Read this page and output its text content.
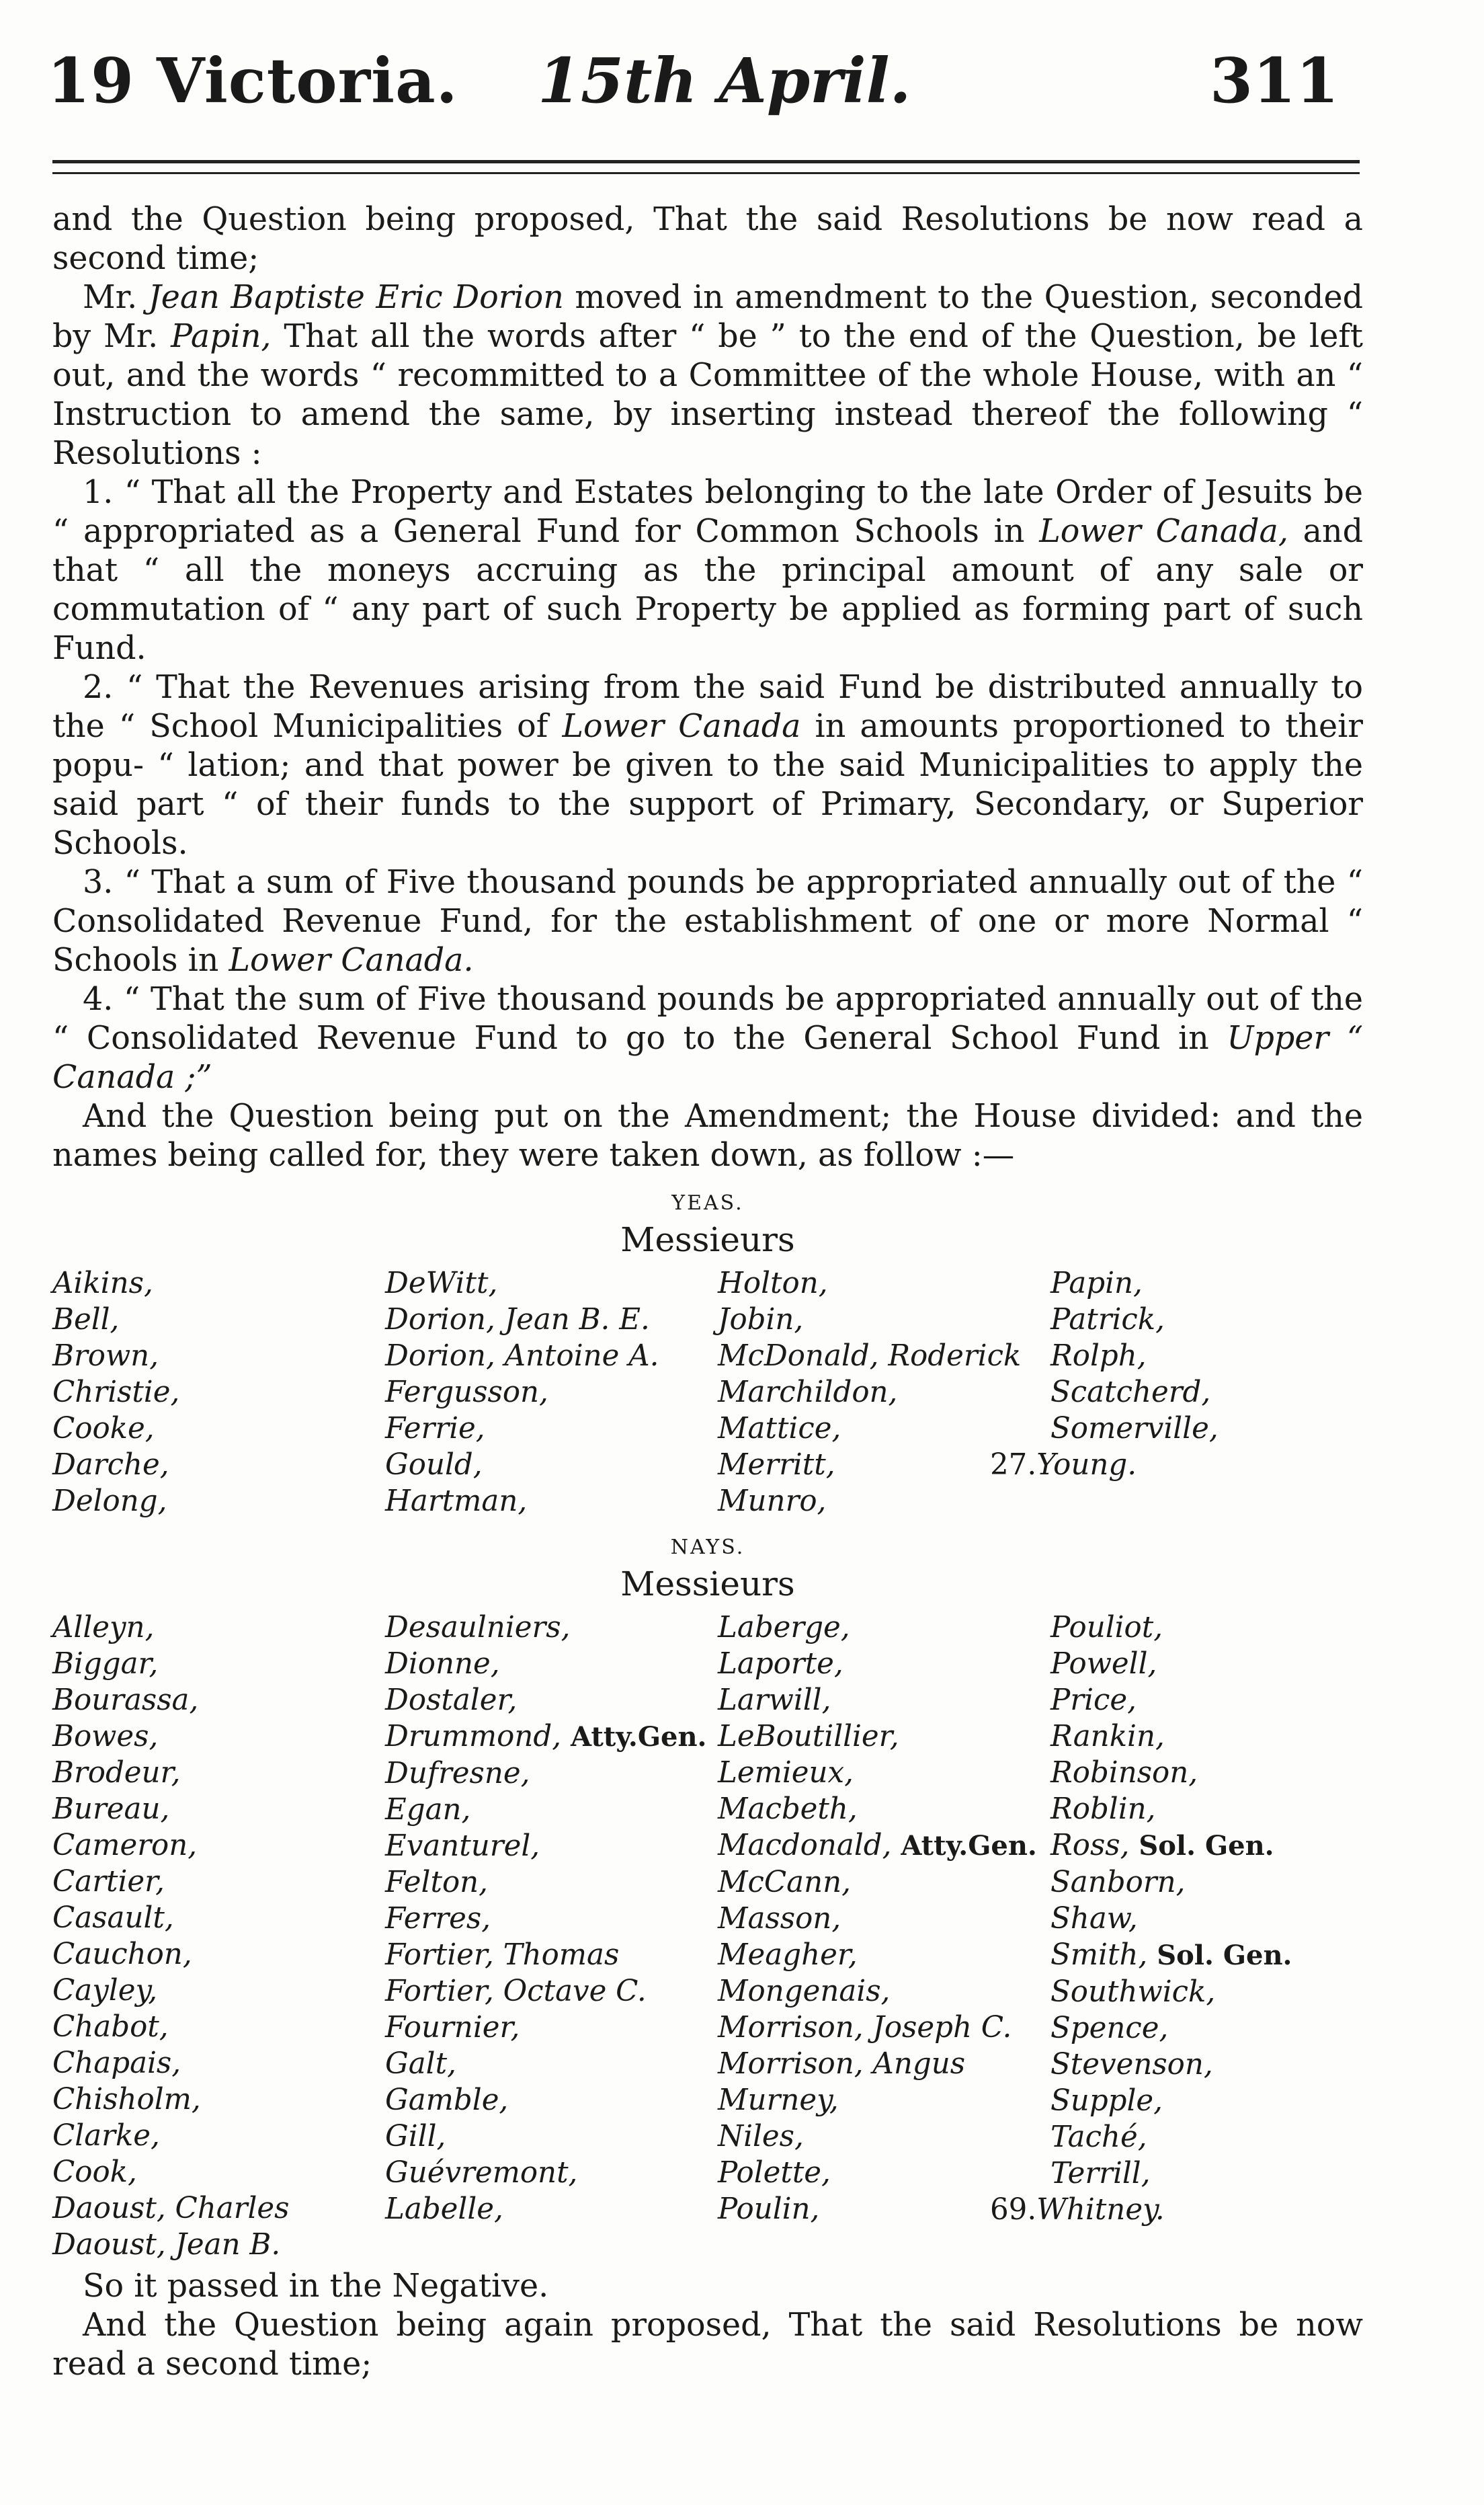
19 Victoria. 15th April.	311

and the Question being proposed, That the said Resolutions be now read a second time;

Mr. Jean Baptiste Eric Dorion moved in amendment to the Question, seconded by Mr. Papin, That all the words after “ be ” to the end of the Question, be left out, and the words “ recommitted to a Committee of the whole House, with an “ Instruction to amend the same, by inserting instead thereof the following “ Resolutions :

1. “ That all the Property and Estates belonging to the late Order of Jesuits be “ appropriated as a General Fund for Common Schools in Lower Canada, and that “ all the moneys accruing as the principal amount of any sale or commutation of “ any part of such Property be applied as forming part of such Fund.

2. “ That the Revenues arising from the said Fund be distributed annually to the “ School Municipalities of Lower Canada in amounts proportioned to their popu- “ lation; and that power be given to the said Municipalities to apply the said part “ of their funds to the support of Primary, Secondary, or Superior Schools.

3. “ That a sum of Five thousand pounds be appropriated annually out of the “ Consolidated Revenue Fund, for the establishment of one or more Normal “ Schools in Lower Canada.

4. “ That the sum of Five thousand pounds be appropriated annually out of the “ Consolidated Revenue Fund to go to the General School Fund in Upper “ Canada ;”

And the Question being put on the Amendment; the House divided: and the names being called for, they were taken down, as follow :—

YEAS.
Messieurs
Aikins,
Bell,
Brown,
Christie,
Cooke,
Darche,
Delong,
DeWitt,
Dorion, Jean B. E.
Dorion, Antoine A.
Fergusson,
Ferrie,
Gould,
Hartman,
Holton,
Jobin,
McDonald, Roderick
Marchildon,
Mattice,
Merritt,
Munro,
Papin,
Patrick,
Rolph,
Scatcherd,
Somerville,
27.Young.
NAYS.
Messieurs
Alleyn,
Biggar,
Bourassa,
Bowes,
Brodeur,
Bureau,
Cameron,
Cartier,
Casault,
Cauchon,
Cayley,
Chabot,
Chapais,
Chisholm,
Clarke,
Cook,
Daoust, Charles
Daoust, Jean B.
Desaulniers,
Dionne,
Dostaler,
Drummond, Atty.Gen.
Dufresne,
Egan,
Evanturel,
Felton,
Ferres,
Fortier, Thomas
Fortier, Octave C.
Fournier,
Galt,
Gamble,
Gill,
Guévremont,
Labelle,
Laberge,
Laporte,
Larwill,
LeBoutillier,
Lemieux,
Macbeth,
Macdonald, Atty.Gen.
McCann,
Masson,
Meagher,
Mongenais,
Morrison, Joseph C.
Morrison, Angus
Murney,
Niles,
Polette,
Poulin,
Pouliot,
Powell,
Price,
Rankin,
Robinson,
Roblin,
Ross, Sol. Gen.
Sanborn,
Shaw,
Smith, Sol. Gen.
Southwick,
Spence,
Stevenson,
Supple,
Taché,
Terrill,
69.Whitney.

So it passed in the Negative.

And the Question being again proposed, That the said Resolutions be now read a second time;
